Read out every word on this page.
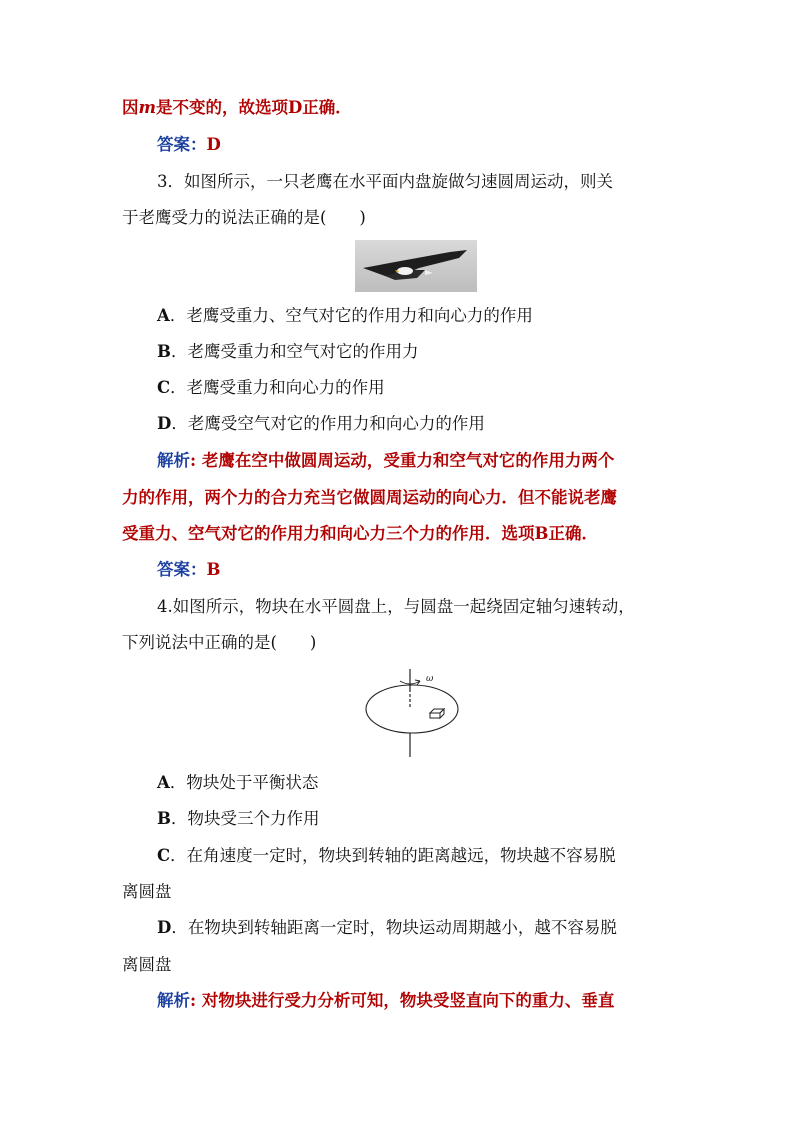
因m是不变的，故选项D正确．
答案：D
3．如图所示，一只老鹰在水平面内盘旋做匀速圆周运动，则关
于老鹰受力的说法正确的是(　　)
A．老鹰受重力、空气对它的作用力和向心力的作用
B．老鹰受重力和空气对它的作用力
C．老鹰受重力和向心力的作用
D．老鹰受空气对它的作用力和向心力的作用
解析: 老鹰在空中做圆周运动，受重力和空气对它的作用力两个
力的作用，两个力的合力充当它做圆周运动的向心力．但不能说老鹰
受重力、空气对它的作用力和向心力三个力的作用．选项B正确．
答案：B
4.如图所示，物块在水平圆盘上，与圆盘一起绕固定轴匀速转动，
下列说法中正确的是(　　)
ω
A．物块处于平衡状态
B．物块受三个力作用
C．在角速度一定时，物块到转轴的距离越远，物块越不容易脱
离圆盘
D．在物块到转轴距离一定时，物块运动周期越小，越不容易脱
离圆盘
解析: 对物块进行受力分析可知，物块受竖直向下的重力、垂直
